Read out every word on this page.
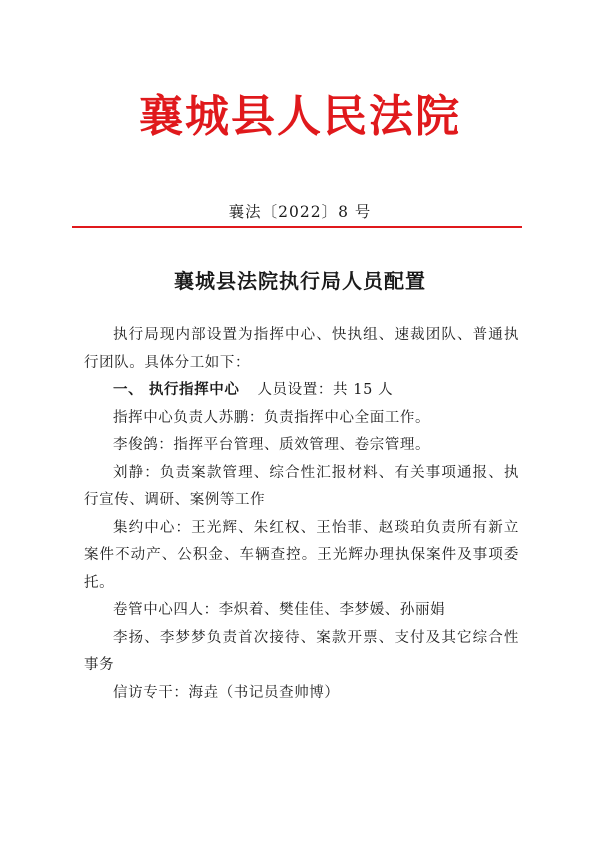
襄城县人民法院
襄法〔2022〕8 号
襄城县法院执行局人员配置

执行局现内部设置为指挥中心、快执组、速裁团队、普通执行团队。具体分工如下：

一、 执行指挥中心 人员设置：共 15 人

指挥中心负责人苏鹏：负责指挥中心全面工作。

李俊鸽：指挥平台管理、质效管理、卷宗管理。

刘静：负责案款管理、综合性汇报材料、有关事项通报、执行宣传、调研、案例等工作

集约中心：王光辉、朱红权、王怡菲、赵琰珀负责所有新立案件不动产、公积金、车辆查控。王光辉办理执保案件及事项委托。

卷管中心四人：李炽着、樊佳佳、李梦媛、孙丽娟

李扬、李梦梦负责首次接待、案款开票、支付及其它综合性事务

信访专干：海垚（书记员查帅博）
